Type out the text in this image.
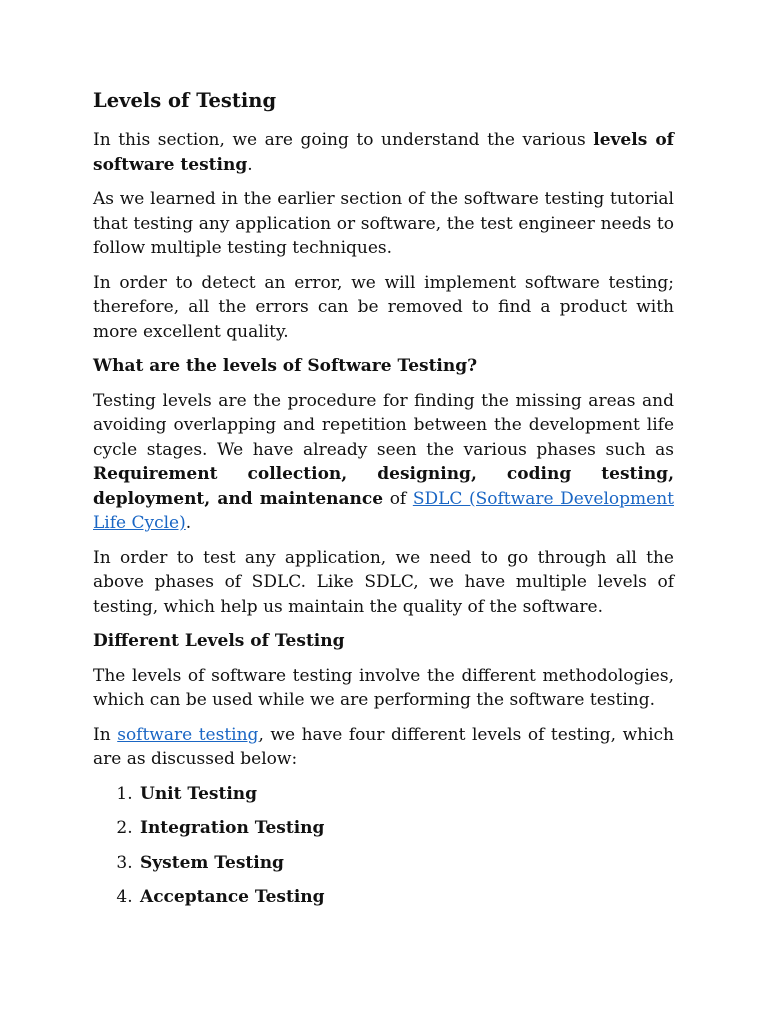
Levels of Testing

In this section, we are going to understand the various levels of software testing.

As we learned in the earlier section of the software testing tutorial that testing any application or software, the test engineer needs to follow multiple testing techniques.

In order to detect an error, we will implement software testing; therefore, all the errors can be removed to find a product with more excellent quality.

What are the levels of Software Testing?

Testing levels are the procedure for finding the missing areas and avoiding overlapping and repetition between the development life cycle stages. We have already seen the various phases such as Requirement collection, designing, coding testing, deployment, and maintenance of SDLC (Software Development Life Cycle).

In order to test any application, we need to go through all the above phases of SDLC. Like SDLC, we have multiple levels of testing, which help us maintain the quality of the software.

Different Levels of Testing

The levels of software testing involve the different methodologies, which can be used while we are performing the software testing.

In software testing, we have four different levels of testing, which are as discussed below:

1. Unit Testing
2. Integration Testing
3. System Testing
4. Acceptance Testing
